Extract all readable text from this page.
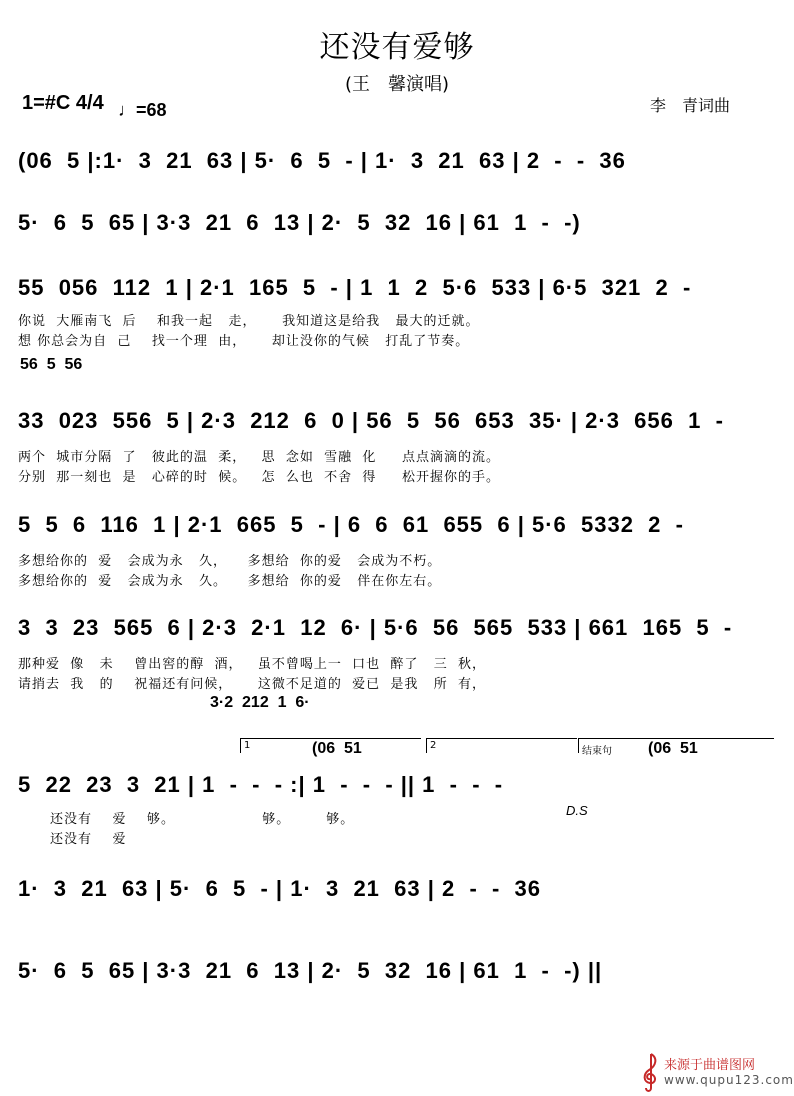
还没有爱够
(王　馨演唱)
1=#C 4/4 ♩=68	李　青词曲
(06  5 |:1·  3  21  63 | 5·  6  5  - | 1·  3  21  63 | 2  -  -  36
5·  6  5  65 | 3·3  21  6  13 | 2·  5  32  16 | 61  1  -  -)
55  056  112  1 | 2·1  165  5  - | 1  1  2  5·6  533 | 6·5  321  2  -
你说  大雁南飞  后    和我一起   走，     我知道这是给我   最大的迁就。
想 你总会为自  己    找一个理  由，     却让没你的气候   打乱了节奏。
56  5  56
33  023  556  5 | 2·3  212  6  0 | 56  5  56  653  35· | 2·3  656  1  -
两个  城市分隔  了   彼此的温  柔，   思  念如  雪融  化     点点滴滴的流。
分别  那一刻也  是   心碎的时  候。   怎  么也  不舍  得     松开握你的手。
5  5  6  116  1 | 2·1  665  5  - | 6  6  61  655  6 | 5·6  5332  2  -
多想给你的  爱   会成为永   久，    多想给  你的爱   会成为不朽。
多想给你的  爱   会成为永   久。    多想给  你的爱   伴在你左右。
3  3  23  565  6 | 2·3  2·1  12  6· | 5·6  56  565  533 | 661  165  5  -
那种爱  像   未    曾出窖的醇  酒，   虽不曾喝上一  口也  醉了   三  秋，
请捎去  我   的    祝福还有问候，     这微不足道的  爱已  是我   所  有，
3·2  212  1  6·
1	(06  51	2
结束句 (06  51
5  22  23  3  21 | 1  -  -  - :| 1  -  -  - || 1  -  -  -
还没有    爱    够。                 够。       够。
还没有    爱
D.S
1·  3  21  63 | 5·  6  5  - | 1·  3  21  63 | 2  -  -  36
5·  6  5  65 | 3·3  21  6  13 | 2·  5  32  16 | 61  1  -  -) ||
来源于曲谱图网
www.qupu123.com
